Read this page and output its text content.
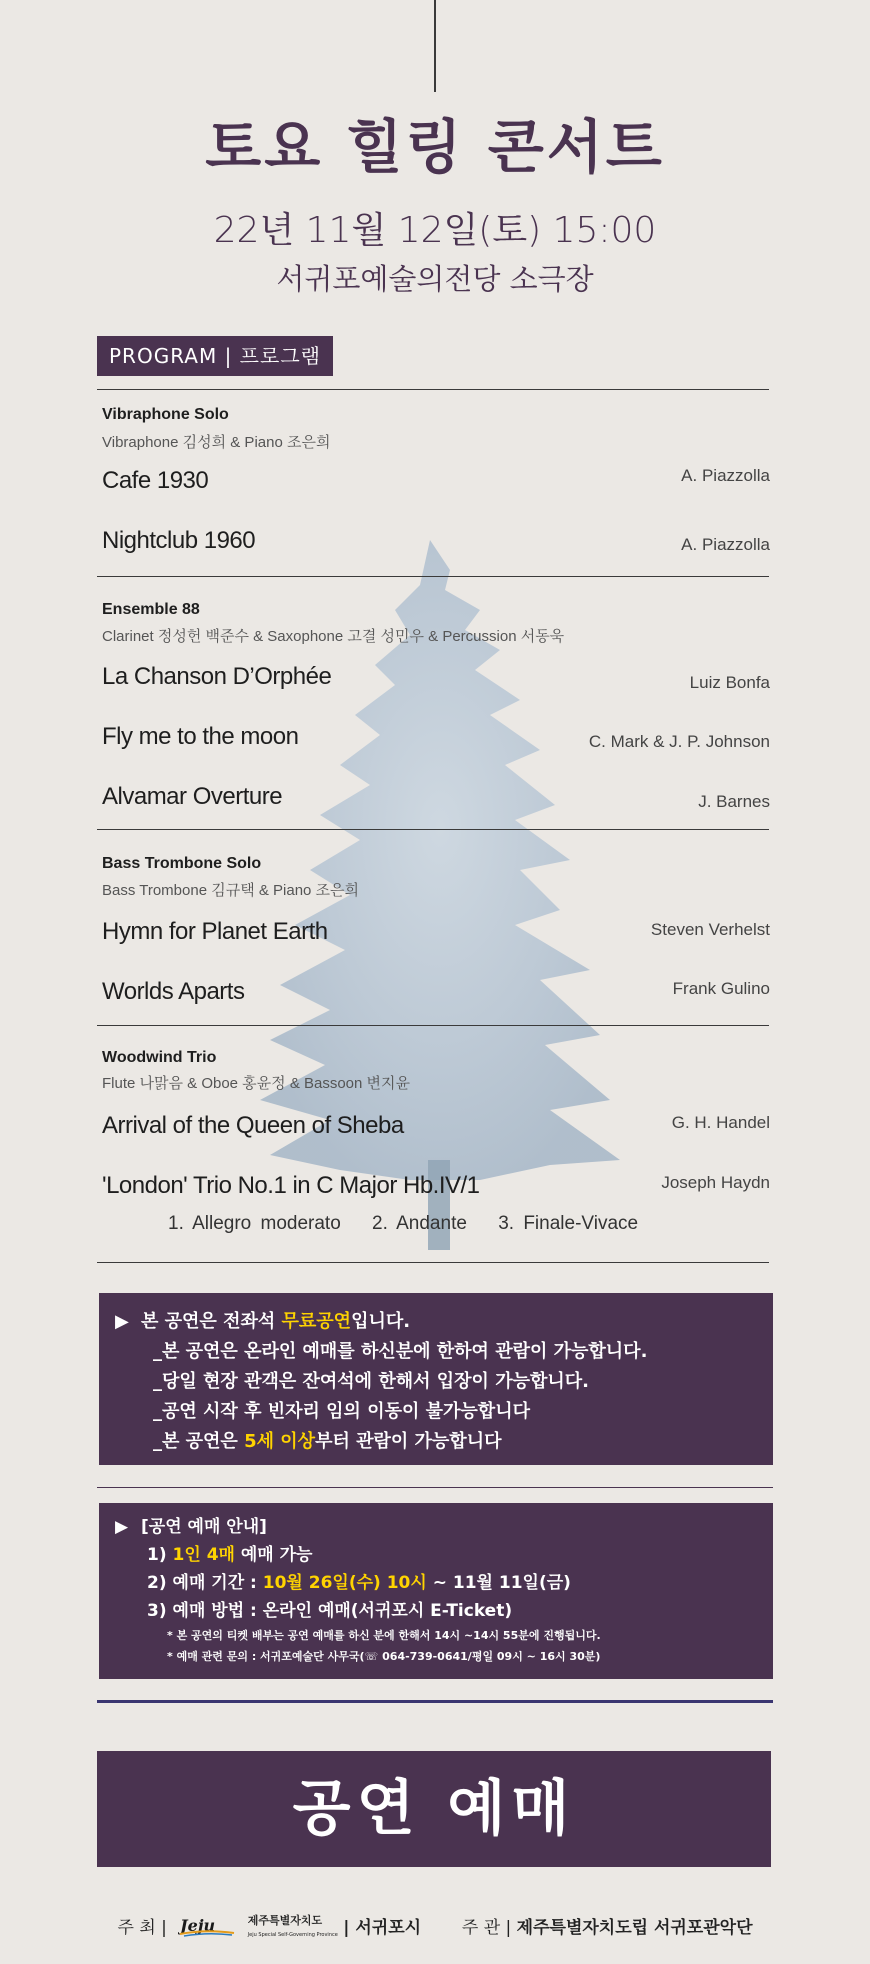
토요 힐링 콘서트
22년 11월 12일(토) 15:00
서귀포예술의전당 소극장
PROGRAM | 프로그램
Vibraphone Solo
Vibraphone 김성희 & Piano 조은희
Cafe 1930	A. Piazzolla
Nightclub 1960	A. Piazzolla
Ensemble 88
Clarinet 정성헌 백준수 & Saxophone 고결 성민우 & Percussion 서동욱
La Chanson D’Orphée	Luiz Bonfa
Fly me to the moon	C. Mark & J. P. Johnson
Alvamar Overture	J. Barnes
Bass Trombone Solo
Bass Trombone 김규택 & Piano 조은희
Hymn for Planet Earth	Steven Verhelst
Worlds Aparts	Frank Gulino
Woodwind Trio
Flute 나맑음 & Oboe 홍윤정 & Bassoon 변지윤
Arrival of the Queen of Sheba	G. H. Handel
'London' Trio No.1 in C Major Hb.IV/1	Joseph Haydn
1. Allegro moderato 2. Andante 3. Finale-Vivace
▶ 본 공연은 전좌석 무료공연입니다.
_본 공연은 온라인 예매를 하신분에 한하여 관람이 가능합니다.
_당일 현장 관객은 잔여석에 한해서 입장이 가능합니다.
_공연 시작 후 빈자리 임의 이동이 불가능합니다
_본 공연은 5세 이상부터 관람이 가능합니다
▶ [공연 예매 안내]
1) 1인 4매 예매 가능
2) 예매 기간 : 10월 26일(수) 10시 ~ 11월 11일(금)
3) 예매 방법 : 온라인 예매(서귀포시 E-Ticket)
* 본 공연의 티켓 배부는 공연 예매를 하신 분에 한해서 14시 ~14시 55분에 진행됩니다.
* 예매 관련 문의 : 서귀포예술단 사무국(☏ 064-739-0641/평일 09시 ~ 16시 30분)
공연 예매
주 최 | Jeju	제주특별자치도
Jeju Special Self-Governing Province | 서귀포시 주 관 | 제주특별자치도립 서귀포관악단
